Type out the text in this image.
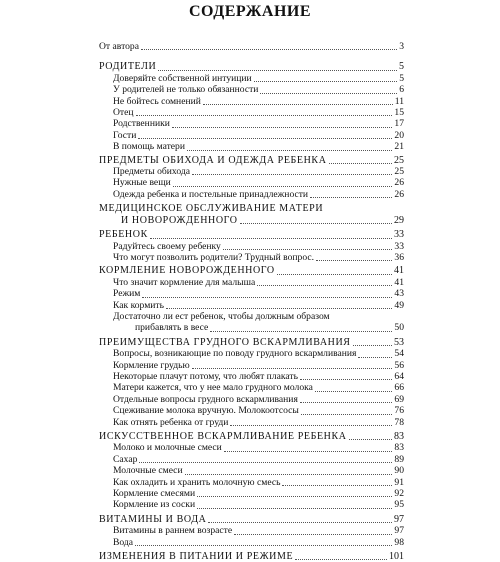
СОДЕРЖАНИЕ
От автора	3
РОДИТЕЛИ	5
Доверяйте собственной интуиции	5
У родителей не только обязанности	6
Не бойтесь сомнений	11
Отец	15
Родственники	17
Гости	20
В помощь матери	21
ПРЕДМЕТЫ ОБИХОДА И ОДЕЖДА РЕБЕНКА	25
Предметы обихода	25
Нужные вещи	26
Одежда ребенка и постельные принадлежности	26
МЕДИЦИНСКОЕ ОБСЛУЖИВАНИЕ МАТЕРИ
И НОВОРОЖДЕННОГО	29
РЕБЕНОК	33
Радуйтесь своему ребенку	33
Что могут позволить родители? Трудный вопрос.	36
КОРМЛЕНИЕ НОВОРОЖДЕННОГО	41
Что значит кормление для малыша	41
Режим	43
Как кормить	49
Достаточно ли ест ребенок, чтобы должным образом
прибавлять в весе	50
ПРЕИМУЩЕСТВА ГРУДНОГО ВСКАРМЛИВАНИЯ	53
Вопросы, возникающие по поводу грудного вскармливания	54
Кормление грудью	56
Некоторые плачут потому, что любят плакать	64
Матери кажется, что у нее мало грудного молока	66
Отдельные вопросы грудного вскармливания	69
Сцеживание молока вручную. Молокоотсосы	76
Как отнять ребенка от груди	78
ИСКУССТВЕННОЕ ВСКАРМЛИВАНИЕ РЕБЕНКА	83
Молоко и молочные смеси	83
Сахар	89
Молочные смеси	90
Как охладить и хранить молочную смесь	91
Кормление смесями	92
Кормление из соски	95
ВИТАМИНЫ И ВОДА	97
Витамины в раннем возрасте	97
Вода	98
ИЗМЕНЕНИЯ В ПИТАНИИ И РЕЖИМЕ	101
